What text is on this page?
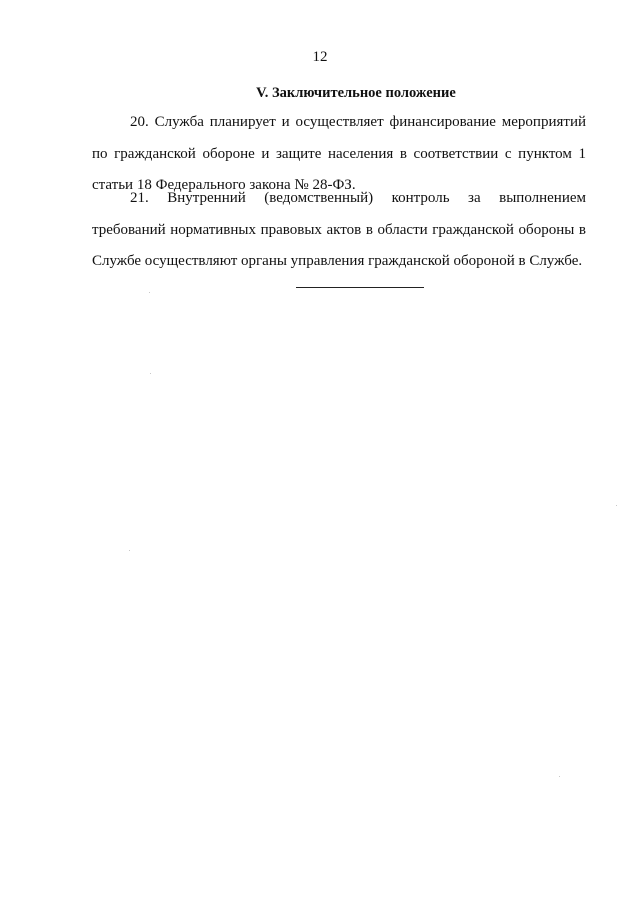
12
V. Заключительное положение

20. Служба планирует и осуществляет финансирование мероприятий по гражданской обороне и защите населения в соответствии с пунктом 1 статьи 18 Федерального закона № 28-ФЗ.

21. Внутренний (ведомственный) контроль за выполнением требований нормативных правовых актов в области гражданской обороны в Службе осуществляют органы управления гражданской обороной в Службе.
